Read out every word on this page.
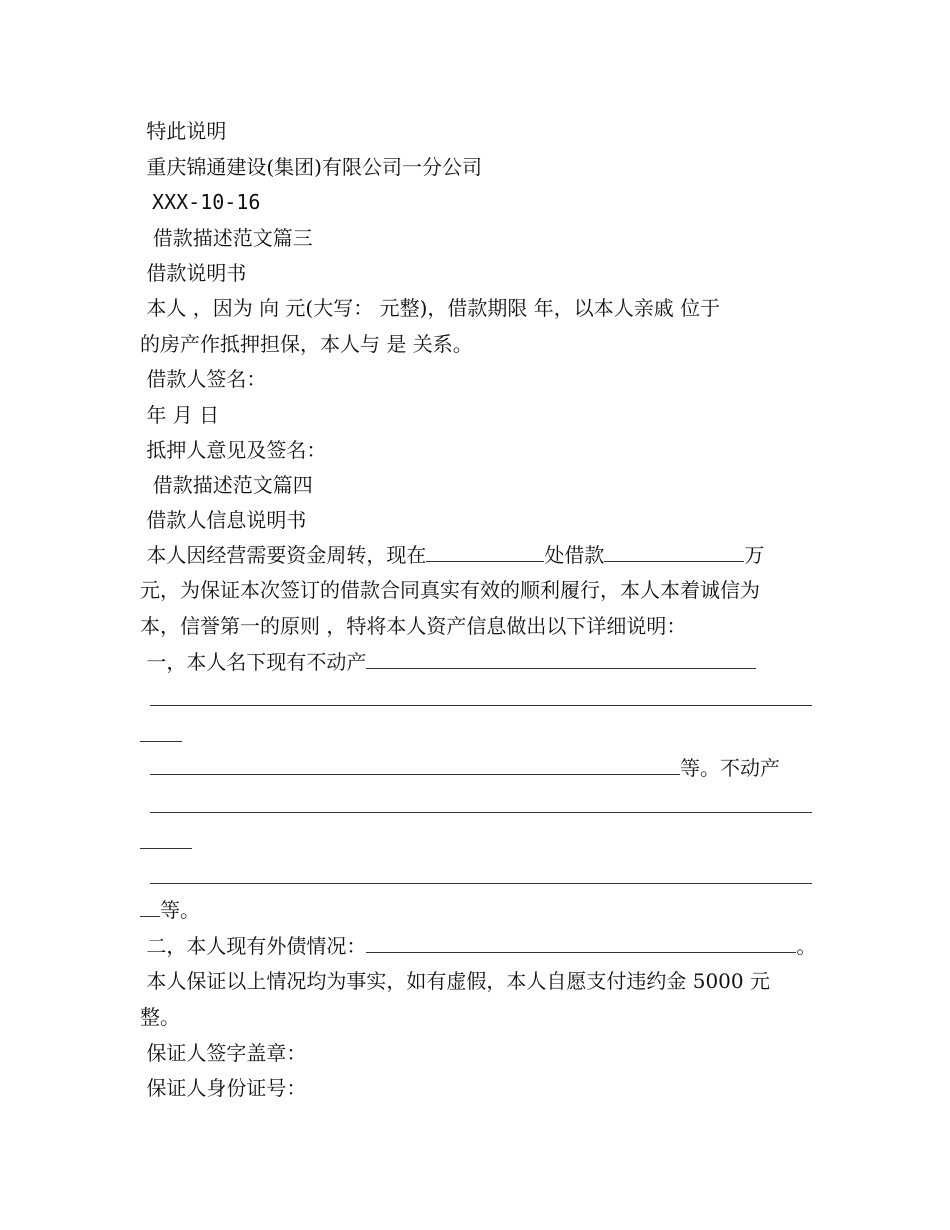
特此说明
重庆锦通建设(集团)有限公司一分公司
XXX-10-16
借款描述范文篇三
借款说明书
本人 ，因为 向 元(大写： 元整)，借款期限 年，以本人亲戚 位于
的房产作抵押担保，本人与 是 关系。
借款人签名：
年 月 日
抵押人意见及签名：
借款描述范文篇四
借款人信息说明书
本人因经营需要资金周转，现在	处借款	万
元，为保证本次签订的借款合同真实有效的顺利履行，本人本着诚信为
本，信誉第一的原则 ，特将本人资产信息做出以下详细说明：
一，本人名下现有不动产
等。不动产
等。
二，本人现有外债情况：	。
本人保证以上情况均为事实，如有虚假，本人自愿支付违约金 5000 元
整。
保证人签字盖章：
保证人身份证号：
